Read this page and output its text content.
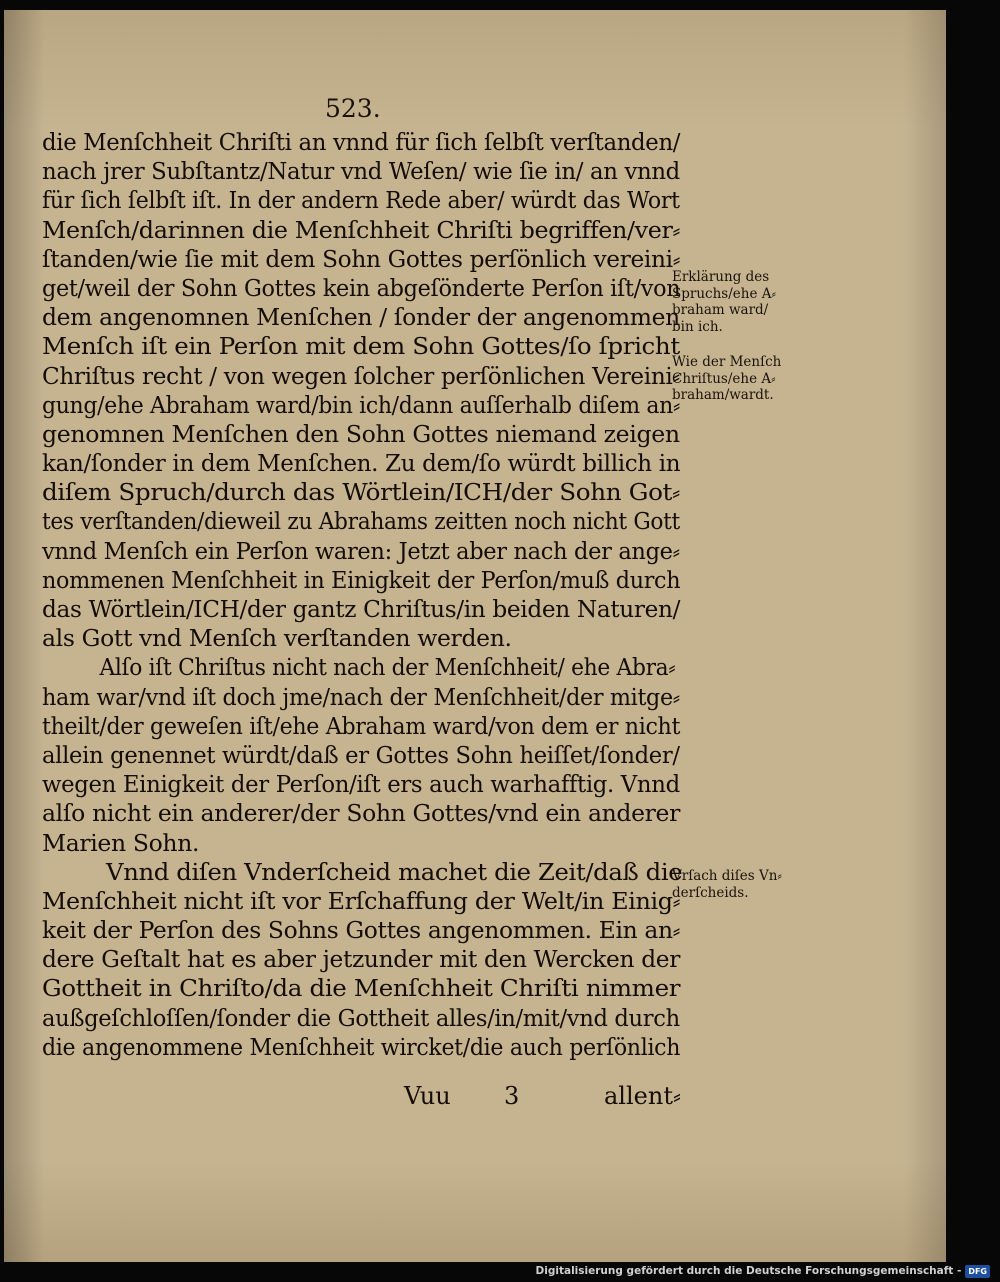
523.

die Menſchheit Chriſti an vnnd für ſich ſelbſt verſtanden/
nach jrer Subſtantz/Natur vnd Weſen/ wie ſie in/ an vnnd
für ſich ſelbſt iſt. In der andern Rede aber/ würdt das Wort
Menſch/darinnen die Menſchheit Chriſti begriffen/ver⸗
ſtanden/wie ſie mit dem Sohn Gottes perſönlich vereini⸗
get/weil der Sohn Gottes kein abgeſönderte Perſon iſt/von
dem angenomnen Menſchen / ſonder der angenommen
Menſch iſt ein Perſon mit dem Sohn Gottes/ſo ſpricht
Chriſtus recht / von wegen ſolcher perſönlichen Vereini⸗
gung/ehe Abraham ward/bin ich/dann auſſerhalb diſem an⸗
genomnen Menſchen den Sohn Gottes niemand zeigen
kan/ſonder in dem Menſchen. Zu dem/ſo würdt billich in
diſem Spruch/durch das Wörtlein/ICH/der Sohn Got⸗
tes verſtanden/dieweil zu Abrahams zeitten noch nicht Gott
vnnd Menſch ein Perſon waren: Jetzt aber nach der ange⸗
nommenen Menſchheit in Einigkeit der Perſon/muß durch
das Wörtlein/ICH/der gantz Chriſtus/in beiden Naturen/
als Gott vnd Menſch verſtanden werden.
Alſo iſt Chriſtus nicht nach der Menſchheit/ ehe Abra⸗
ham war/vnd iſt doch jme/nach der Menſchheit/der mitge⸗
theilt/der geweſen iſt/ehe Abraham ward/von dem er nicht
allein genennet würdt/daß er Gottes Sohn heiſſet/ſonder/
wegen Einigkeit der Perſon/iſt ers auch warhafftig. Vnnd
alſo nicht ein anderer/der Sohn Gottes/vnd ein anderer
Marien Sohn.
Vnnd diſen Vnderſcheid machet die Zeit/daß die
Menſchheit nicht iſt vor Erſchaffung der Welt/in Einig⸗
keit der Perſon des Sohns Gottes angenommen. Ein an⸗
dere Geſtalt hat es aber jetzunder mit den Wercken der
Gottheit in Chriſto/da die Menſchheit Chriſti nimmer
außgeſchloſſen/ſonder die Gottheit alles/in/mit/vnd durch
die angenommene Menſchheit wircket/die auch perſönlich
Erklärung des
Spruchs/ehe A⸗
braham ward/
bin ich.
Wie der Menſch
Chriſtus/ehe A⸗
braham/wardt.
Vrſach diſes Vn⸗
derſcheids.
Vuu 3	allent⸗
Digitalisierung gefördert durch die Deutsche Forschungsgemeinschaft - DFG
